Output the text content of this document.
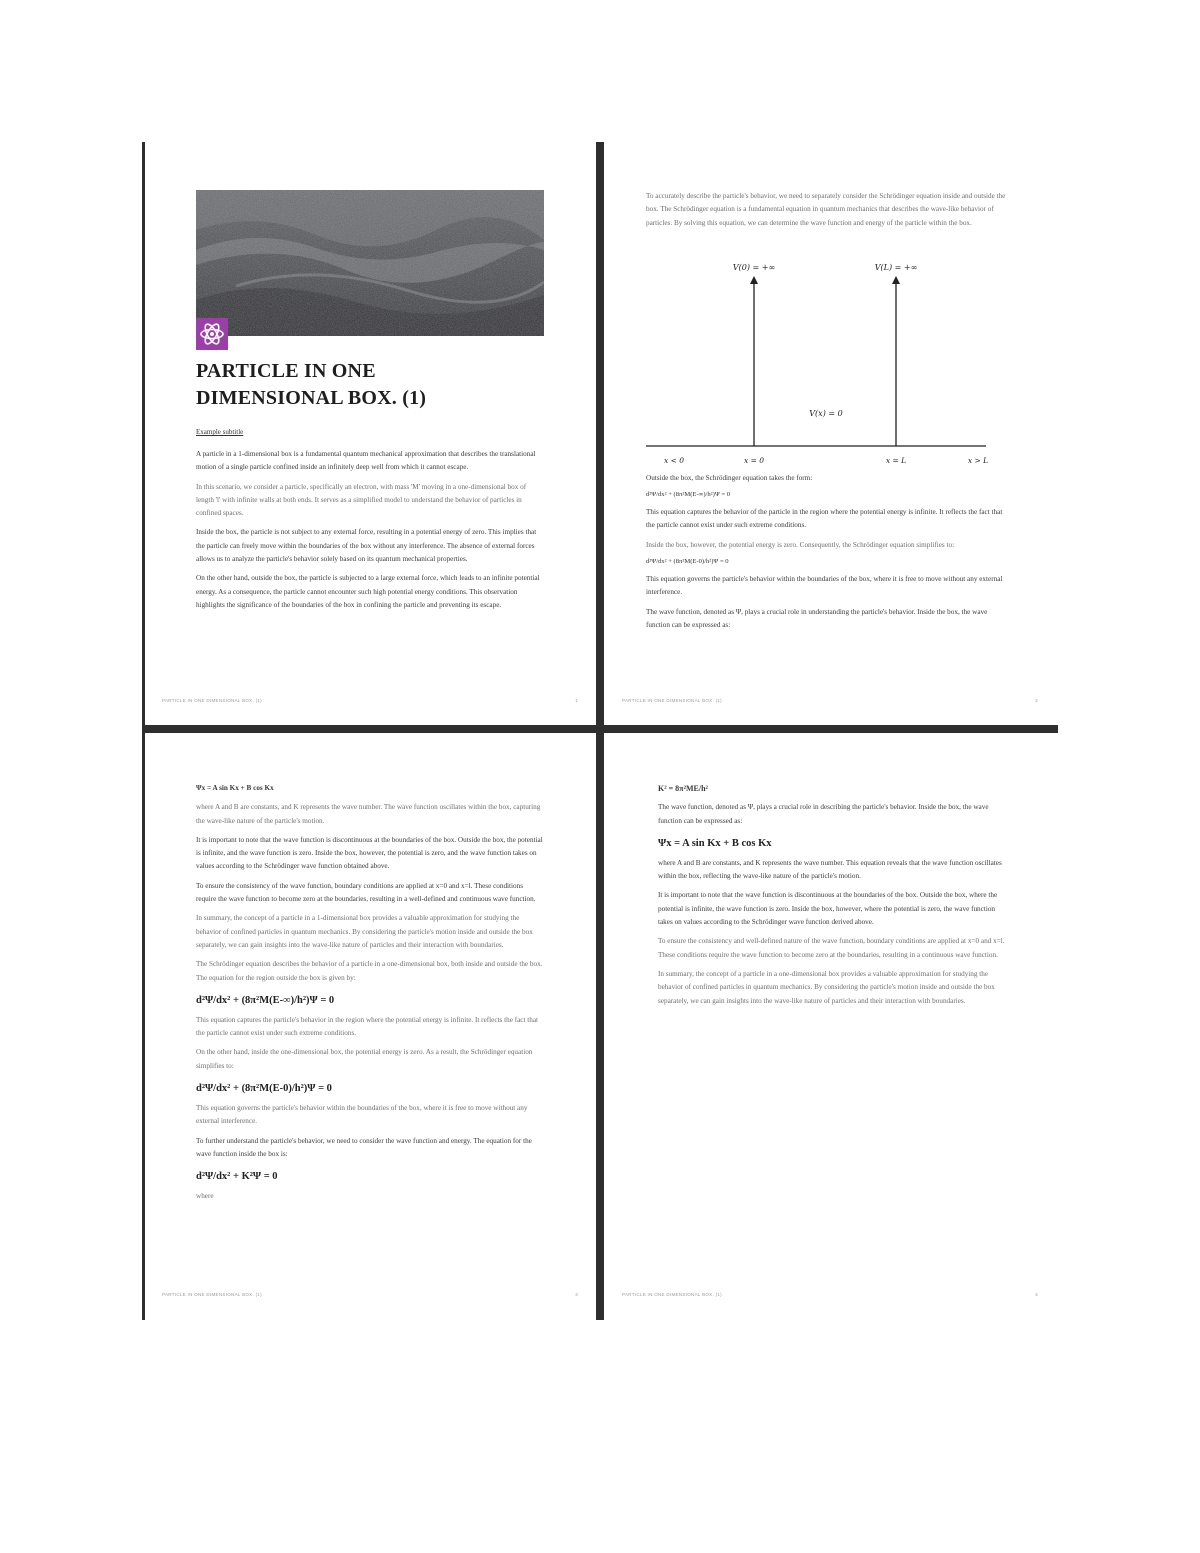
PARTICLE IN ONE

DIMENSIONAL BOX. (1)

Example subtitle

A particle in a 1-dimensional box is a fundamental quantum mechanical approximation that describes the translational motion of a single particle confined inside an infinitely deep well from which it cannot escape.

In this scenario, we consider a particle, specifically an electron, with mass 'M' moving in a one-dimensional box of length 'l' with infinite walls at both ends. It serves as a simplified model to understand the behavior of particles in confined spaces.

Inside the box, the particle is not subject to any external force, resulting in a potential energy of zero. This implies that the particle can freely move within the boundaries of the box without any interference. The absence of external forces allows us to analyze the particle's behavior solely based on its quantum mechanical properties.

On the other hand, outside the box, the particle is subjected to a large external force, which leads to an infinite potential energy. As a consequence, the particle cannot encounter such high potential energy conditions. This observation highlights the significance of the boundaries of the box in confining the particle and preventing its escape.

PARTICLE IN ONE DIMENSIONAL BOX. (1)	1

To accurately describe the particle's behavior, we need to separately consider the Schrödinger equation inside and outside the box. The Schrödinger equation is a fundamental equation in quantum mechanics that describes the wave-like behavior of particles. By solving this equation, we can determine the wave function and energy of the particle within the box.

V(0) = +∞	V(L) = +∞
V(x) = 0
x < 0	x = 0	x = L	x > L

Outside the box, the Schrödinger equation takes the form:

d²Ψ/dx² + (8π²M(E-∞)/h²)Ψ = 0

This equation captures the behavior of the particle in the region where the potential energy is infinite. It reflects the fact that the particle cannot exist under such extreme conditions.

Inside the box, however, the potential energy is zero. Consequently, the Schrödinger equation simplifies to:

d²Ψ/dx² + (8π²M(E-0)/h²)Ψ = 0

This equation governs the particle's behavior within the boundaries of the box, where it is free to move without any external interference.

The wave function, denoted as Ψ, plays a crucial role in understanding the particle's behavior. Inside the box, the wave function can be expressed as:

PARTICLE IN ONE DIMENSIONAL BOX. (1)	2

Ψx = A sin Kx + B cos Kx

where A and B are constants, and K represents the wave number. The wave function oscillates within the box, capturing the wave-like nature of the particle's motion.

It is important to note that the wave function is discontinuous at the boundaries of the box. Outside the box, the potential is infinite, and the wave function is zero. Inside the box, however, the potential is zero, and the wave function takes on values according to the Schrödinger wave function obtained above.

To ensure the consistency of the wave function, boundary conditions are applied at x=0 and x=l. These conditions require the wave function to become zero at the boundaries, resulting in a well-defined and continuous wave function.

In summary, the concept of a particle in a 1-dimensional box provides a valuable approximation for studying the behavior of confined particles in quantum mechanics. By considering the particle's motion inside and outside the box separately, we can gain insights into the wave-like nature of particles and their interaction with boundaries.

The Schrödinger equation describes the behavior of a particle in a one-dimensional box, both inside and outside the box. The equation for the region outside the box is given by:

d²Ψ/dx² + (8π²M(E-∞)/h²)Ψ = 0

This equation captures the particle's behavior in the region where the potential energy is infinite. It reflects the fact that the particle cannot exist under such extreme conditions.

On the other hand, inside the one-dimensional box, the potential energy is zero. As a result, the Schrödinger equation simplifies to:

d²Ψ/dx² + (8π²M(E-0)/h²)Ψ = 0

This equation governs the particle's behavior within the boundaries of the box, where it is free to move without any external interference.

To further understand the particle's behavior, we need to consider the wave function and energy. The equation for the wave function inside the box is:

d²Ψ/dx² + K²Ψ = 0

where

PARTICLE IN ONE DIMENSIONAL BOX. (1)	3

K² = 8π²ME/h²

The wave function, denoted as Ψ, plays a crucial role in describing the particle's behavior. Inside the box, the wave function can be expressed as:

Ψx = A sin Kx + B cos Kx

where A and B are constants, and K represents the wave number. This equation reveals that the wave function oscillates within the box, reflecting the wave-like nature of the particle's motion.

It is important to note that the wave function is discontinuous at the boundaries of the box. Outside the box, where the potential is infinite, the wave function is zero. Inside the box, however, where the potential is zero, the wave function takes on values according to the Schrödinger wave function derived above.

To ensure the consistency and well-defined nature of the wave function, boundary conditions are applied at x=0 and x=l. These conditions require the wave function to become zero at the boundaries, resulting in a continuous wave function.

In summary, the concept of a particle in a one-dimensional box provides a valuable approximation for studying the behavior of confined particles in quantum mechanics. By considering the particle's motion inside and outside the box separately, we can gain insights into the wave-like nature of particles and their interaction with boundaries.

PARTICLE IN ONE DIMENSIONAL BOX. (1)	4
